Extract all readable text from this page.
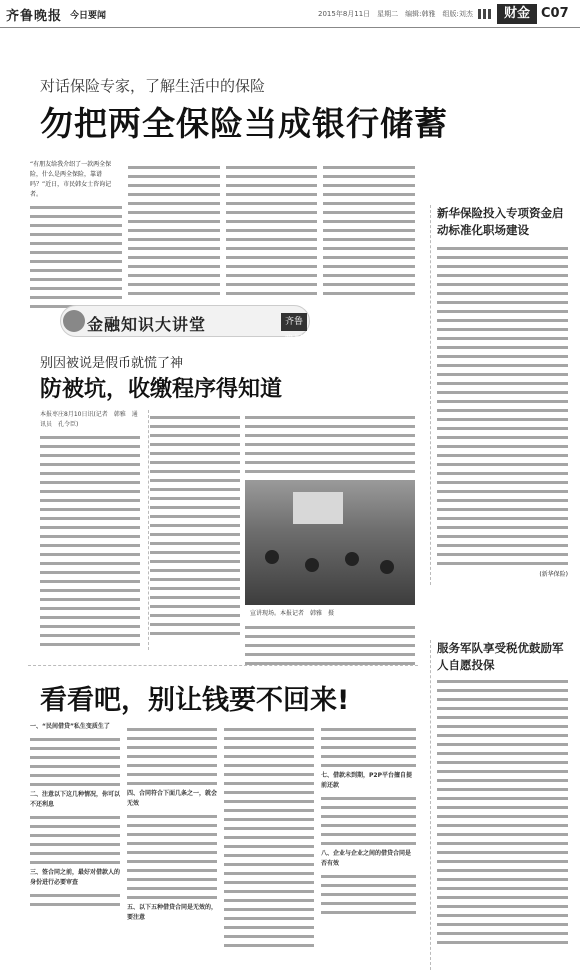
齐鲁晚报 今日要闻	2015年8月11日　星期二　编辑:韩雅　组版:刘杰	财金 C07
对话保险专家，了解生活中的保险
勿把两全保险当成银行储蓄
“有朋友给我介绍了一款两全保险，什么是两全保险，靠谱吗？”近日，市民韩女士咨询记者。
新华保险投入专项资金启动标准化职场建设
(新华保险)
金融知识大讲堂	齐鲁晚报
别因被说是假币就慌了神
防被坑，收缴程序得知道
本报枣庄8月10日讯(记者　韩雅　通讯员　孔令臣)
宣讲现场。本报记者　韩雅　摄
看看吧，别让钱要不回来!
一、“民间借贷”私生变质生了
二、注意以下这几种情况，你可以不还利息
三、签合同之前，最好对借款人的身份进行必要审查
四、合同符合下面几条之一，就会无效
五、以下五种借贷合同是无效的，要注意
七、借款未到期，P2P平台擅自提前还款
八、企业与企业之间的借贷合同是否有效
服务军队享受税优鼓励军人自愿投保
